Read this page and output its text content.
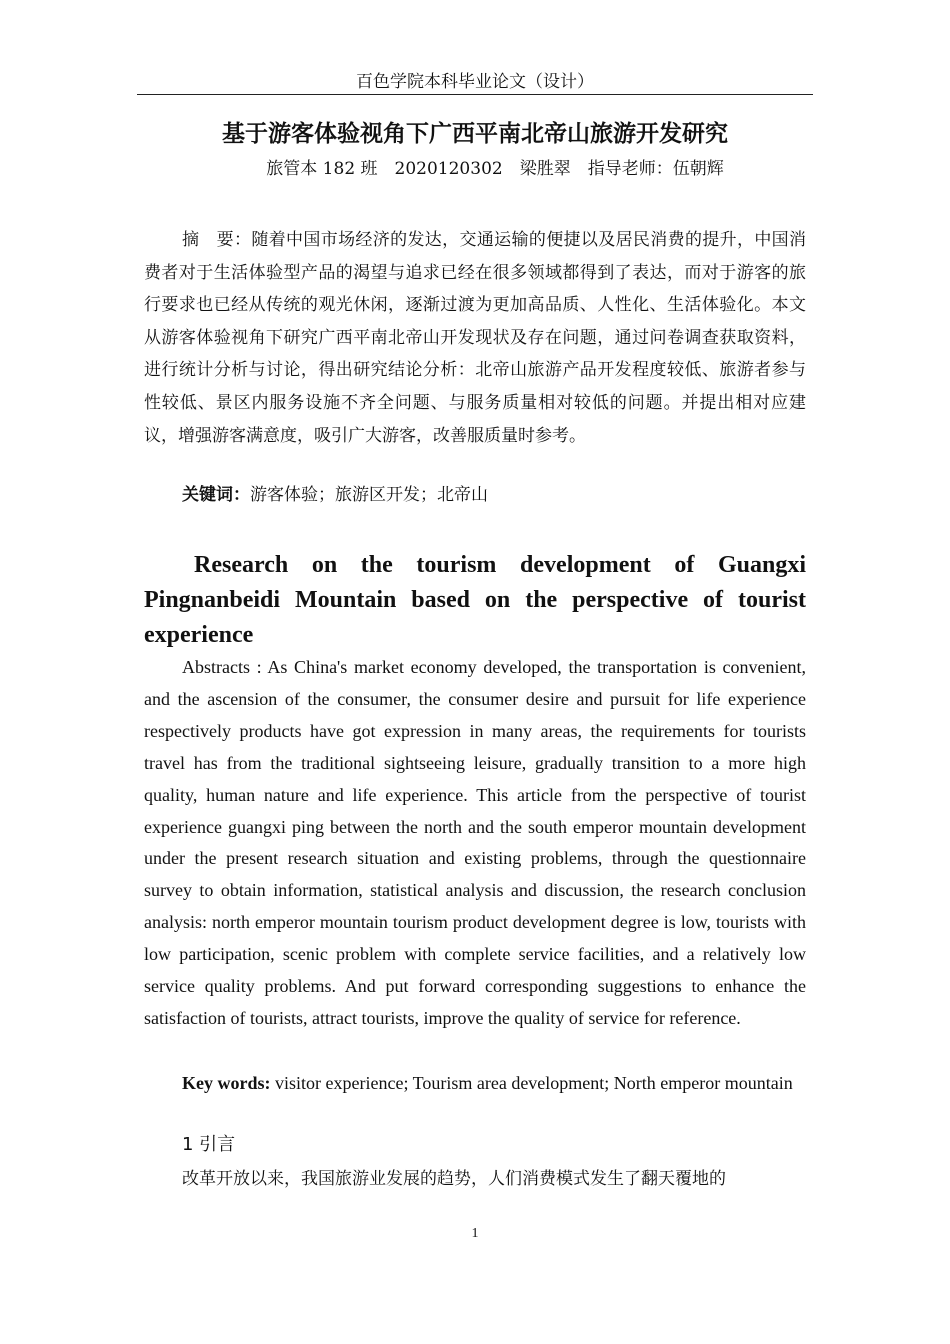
百色学院本科毕业论文（设计）
基于游客体验视角下广西平南北帝山旅游开发研究
旅管本 182 班　2020120302　梁胜翠　指导老师：伍朝辉

摘　要：随着中国市场经济的发达，交通运输的便捷以及居民消费的提升，中国消费者对于生活体验型产品的渴望与追求已经在很多领域都得到了表达，而对于游客的旅行要求也已经从传统的观光休闲，逐渐过渡为更加高品质、人性化、生活体验化。本文从游客体验视角下研究广西平南北帝山开发现状及存在问题，通过问卷调查获取资料，进行统计分析与讨论，得出研究结论分析：北帝山旅游产品开发程度较低、旅游者参与性较低、景区内服务设施不齐全问题、与服务质量相对较低的问题。并提出相对应建议，增强游客满意度，吸引广大游客，改善服质量时参考。

关键词：游客体验；旅游区开发；北帝山
Research on the tourism development of Guangxi Pingnanbeidi Mountain based on the perspective of tourist experience

Abstracts : As China's market economy developed, the transportation is convenient, and the ascension of the consumer, the consumer desire and pursuit for life experience respectively products have got expression in many areas, the requirements for tourists travel has from the traditional sightseeing leisure, gradually transition to a more high quality, human nature and life experience. This article from the perspective of tourist experience guangxi ping between the north and the south emperor mountain development under the present research situation and existing problems, through the questionnaire survey to obtain information, statistical analysis and discussion, the research conclusion analysis: north emperor mountain tourism product development degree is low, tourists with low participation, scenic problem with complete service facilities, and a relatively low service quality problems. And put forward corresponding suggestions to enhance the satisfaction of tourists, attract tourists, improve the quality of service for reference.

Key words: visitor experience; Tourism area development; North emperor mountain
1 引言
改革开放以来，我国旅游业发展的趋势，人们消费模式发生了翻天覆地的
1
